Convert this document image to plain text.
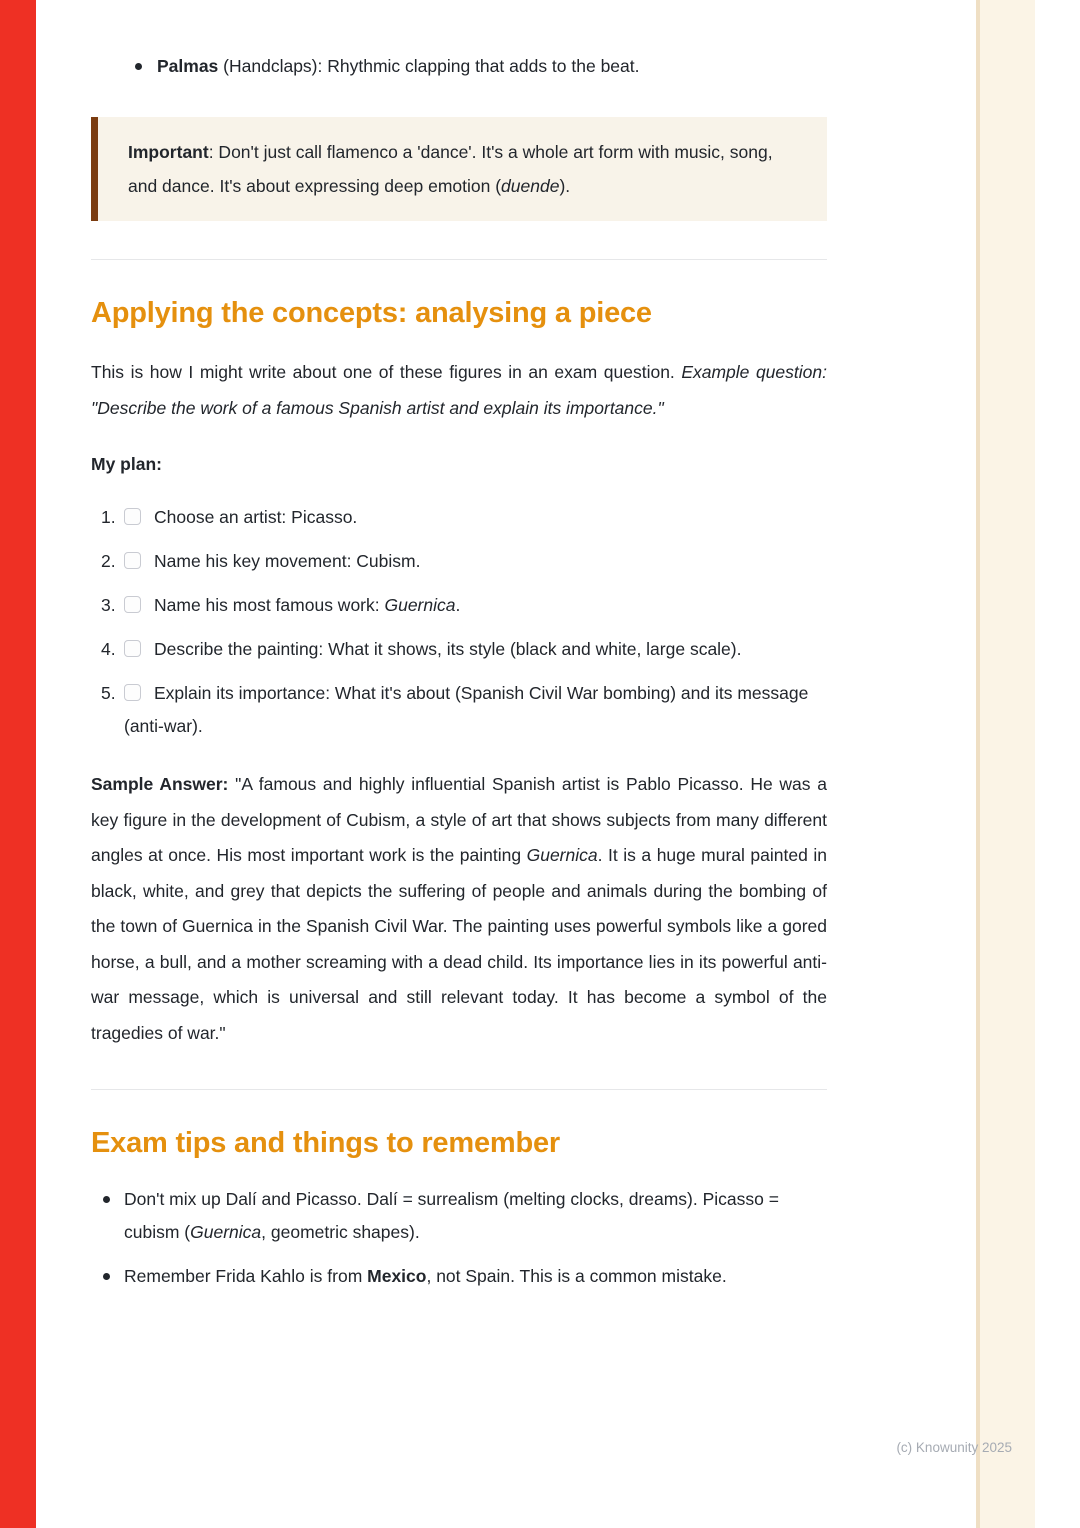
Palmas (Handclaps): Rhythmic clapping that adds to the beat.
Important: Don't just call flamenco a 'dance'. It's a whole art form with music, song, and dance. It's about expressing deep emotion (duende).
Applying the concepts: analysing a piece

This is how I might write about one of these figures in an exam question. Example question: "Describe the work of a famous Spanish artist and explain its importance."

My plan:

1. Choose an artist: Picasso.
2. Name his key movement: Cubism.
3. Name his most famous work: Guernica.
4. Describe the painting: What it shows, its style (black and white, large scale).
5. Explain its importance: What it's about (Spanish Civil War bombing) and its message (anti-war).

Sample Answer: "A famous and highly influential Spanish artist is Pablo Picasso. He was a key figure in the development of Cubism, a style of art that shows subjects from many different angles at once. His most important work is the painting Guernica. It is a huge mural painted in black, white, and grey that depicts the suffering of people and animals during the bombing of the town of Guernica in the Spanish Civil War. The painting uses powerful symbols like a gored horse, a bull, and a mother screaming with a dead child. Its importance lies in its powerful anti-war message, which is universal and still relevant today. It has become a symbol of the tragedies of war."

Exam tips and things to remember
Don't mix up Dalí and Picasso. Dalí = surrealism (melting clocks, dreams). Picasso = cubism (Guernica, geometric shapes).
Remember Frida Kahlo is from Mexico, not Spain. This is a common mistake.
(c) Knowunity 2025
